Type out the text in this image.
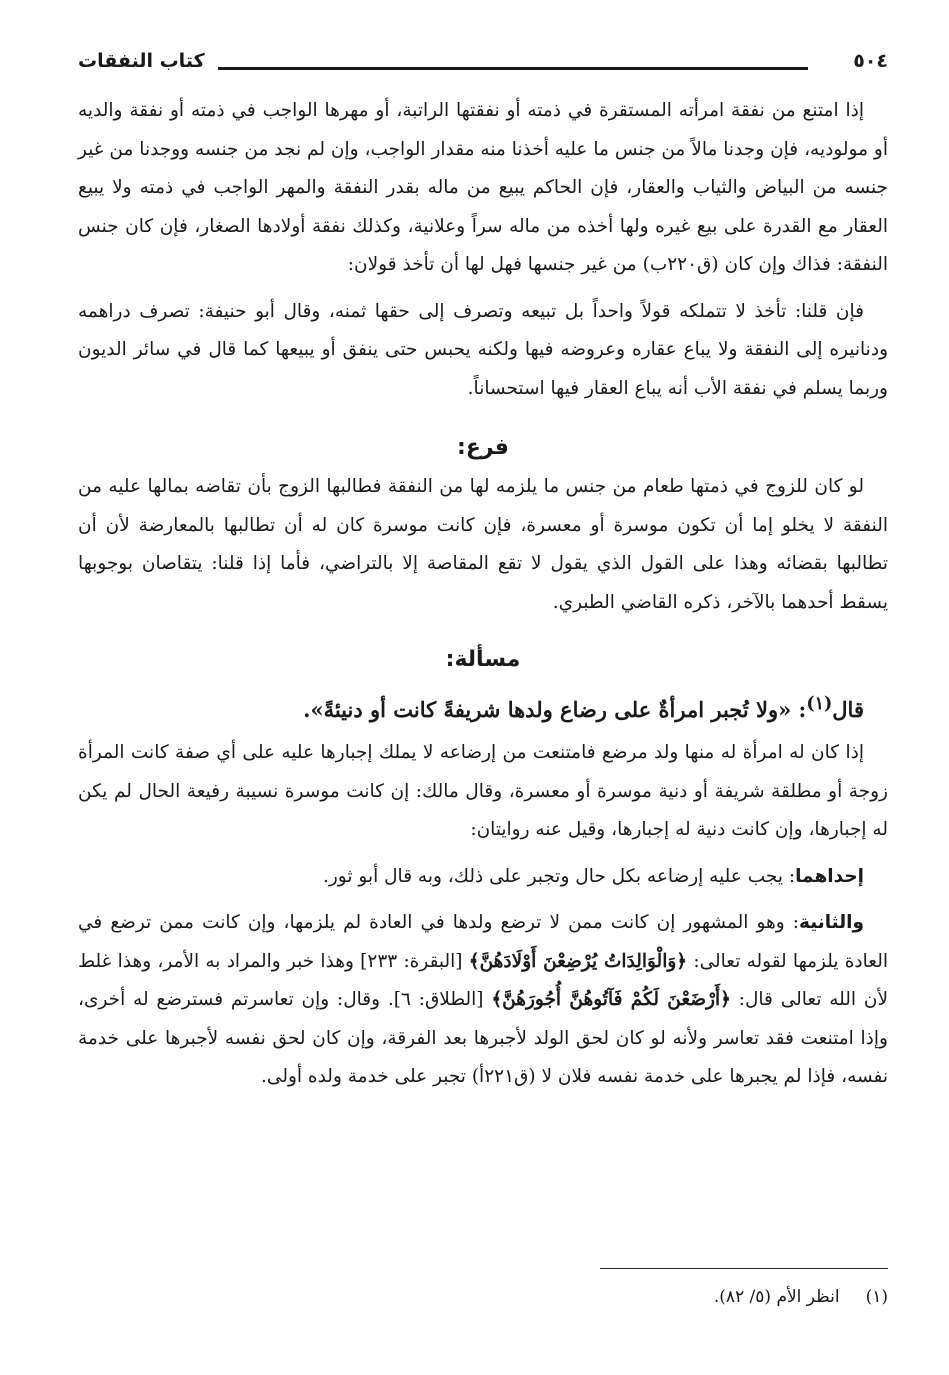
٥٠٤
كتاب النفقات

إذا امتنع من نفقة امرأته المستقرة في ذمته أو نفقتها الراتبة، أو مهرها الواجب في ذمته أو نفقة والديه أو مولوديه، فإن وجدنا مالاً من جنس ما عليه أخذنا منه مقدار الواجب، وإن لم نجد من جنسه ووجدنا من غير جنسه من البياض والثياب والعقار، فإن الحاكم يبيع من ماله بقدر النفقة والمهر الواجب في ذمته ولا يبيع العقار مع القدرة على بيع غيره ولها أخذه من ماله سراً وعلانية، وكذلك نفقة أولادها الصغار، فإن كان جنس النفقة: فذاك وإن كان (ق٢٢٠ب) من غير جنسها فهل لها أن تأخذ قولان:

فإن قلنا: تأخذ لا تتملكه قولاً واحداً بل تبيعه وتصرف إلى حقها ثمنه، وقال أبو حنيفة: تصرف دراهمه ودنانيره إلى النفقة ولا يباع عقاره وعروضه فيها ولكنه يحبس حتى ينفق أو يبيعها كما قال في سائر الديون وربما يسلم في نفقة الأب أنه يباع العقار فيها استحساناً.

فرع:

لو كان للزوج في ذمتها طعام من جنس ما يلزمه لها من النفقة فطالبها الزوج بأن تقاضه بمالها عليه من النفقة لا يخلو إما أن تكون موسرة أو معسرة، فإن كانت موسرة كان له أن تطالبها بالمعارضة لأن أن تطالبها بقضائه وهذا على القول الذي يقول لا تقع المقاصة إلا بالتراضي، فأما إذا قلنا: يتقاصان بوجوبها يسقط أحدهما بالآخر، ذكره القاضي الطبري.

مسألة:

قال$^{(١)}$: «ولا تُجبر امرأةٌ على رضاع ولدها شريفةً كانت أو دنيئةً».

إذا كان له امرأة له منها ولد مرضع فامتنعت من إرضاعه لا يملك إجبارها عليه على أي صفة كانت المرأة زوجة أو مطلقة شريفة أو دنية موسرة أو معسرة، وقال مالك: إن كانت موسرة نسيبة رفيعة الحال لم يكن له إجبارها، وإن كانت دنية له إجبارها، وقيل عنه روايتان:

إحداهما: يجب عليه إرضاعه بكل حال وتجبر على ذلك، وبه قال أبو ثور.

والثانية: وهو المشهور إن كانت ممن لا ترضع ولدها في العادة لم يلزمها، وإن كانت ممن ترضع في العادة يلزمها لقوله تعالى: ﴿وَالْوَالِدَاتُ يُرْضِعْنَ أَوْلَادَهُنَّ﴾ [البقرة: ٢٣٣] وهذا خبر والمراد به الأمر، وهذا غلط لأن الله تعالى قال: ﴿أَرْضَعْنَ لَكُمْ فَآتُوهُنَّ أُجُورَهُنَّ﴾ [الطلاق: ٦]. وقال: وإن تعاسرتم فسترضع له أخرى، وإذا امتنعت فقد تعاسر ولأنه لو كان لحق الولد لأجبرها بعد الفرقة، وإن كان لحق نفسه لأجبرها على خدمة نفسه، فإذا لم يجبرها على خدمة نفسه فلان لا (ق٢٢١أ) تجبر على خدمة ولده أولى.

(١)انظر الأم (٥/ ٨٢).
